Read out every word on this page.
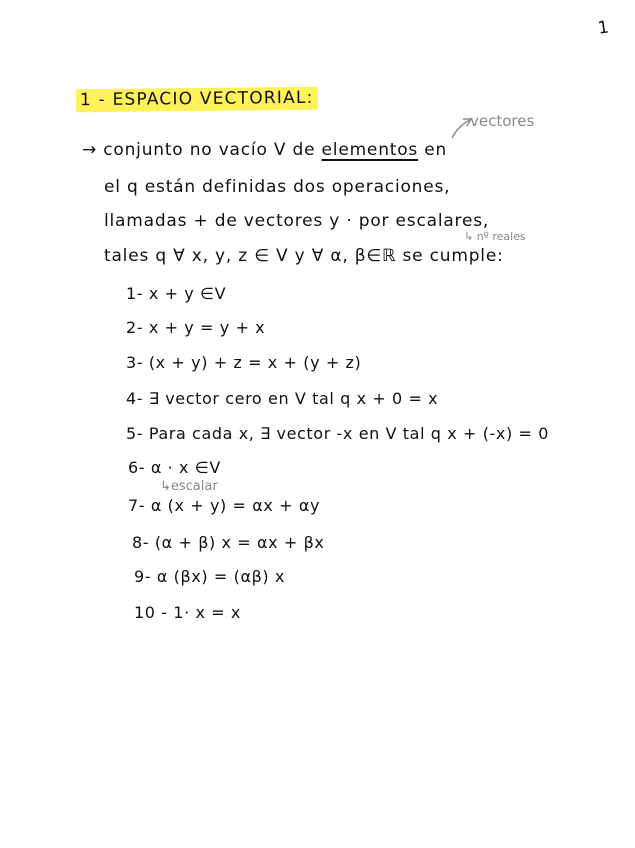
1
1 - ESPACIO VECTORIAL:
vectores
→ conjunto no vacío V de elementos en
el q están definidas dos operaciones,
llamadas + de vectores y · por escalares,
↳ nº reales
tales q ∀ x, y, z ∈ V y ∀ α, β∈ℝ se cumple:
1- x + y ∈V
2- x + y = y + x
3- (x + y) + z = x + (y + z)
4- ∃ vector cero en V tal q x + 0 = x
5- Para cada x, ∃ vector -x en V tal q x + (-x) = 0
6- α · x ∈V
↳escalar
7- α (x + y) = αx + αy
8- (α + β) x = αx + βx
9- α (βx) = (αβ) x
10 - 1· x = x
